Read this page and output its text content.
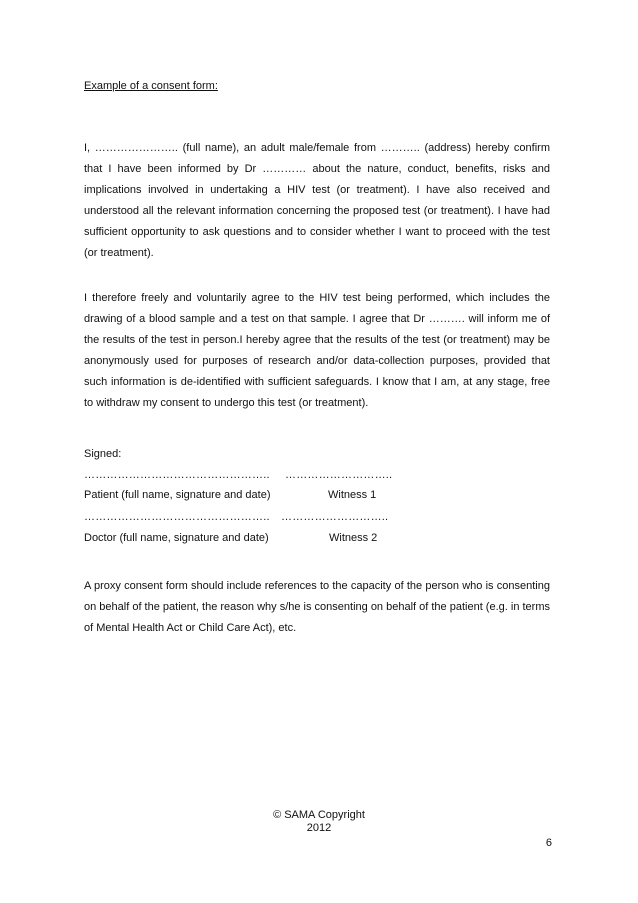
Example of a consent form:

I, ………………….. (full name), an adult male/female from ……….. (address) hereby confirm that I have been informed by Dr ………… about the nature, conduct, benefits, risks and implications involved in undertaking a HIV test (or treatment). I have also received and understood all the relevant information concerning the proposed test (or treatment). I have had sufficient opportunity to ask questions and to consider whether I want to proceed with the test (or treatment).

I therefore freely and voluntarily agree to the HIV test being performed, which includes the drawing of a blood sample and a test on that sample. I agree that Dr ………. will inform me of the results of the test in person.I hereby agree that the results of the test (or treatment) may be anonymously used for purposes of research and/or data-collection purposes, provided that such information is de-identified with sufficient safeguards. I know that I am, at any stage, free to withdraw my consent to undergo this test (or treatment).

Signed:

………………………………………….. ………………………..

Patient (full name, signature and date)	Witness 1

………………………………………….. ………………………..

Doctor (full name, signature and date)	Witness 2

A proxy consent form should include references to the capacity of the person who is consenting on behalf of the patient, the reason why s/he is consenting on behalf of the patient (e.g. in terms of Mental Health Act or Child Care Act), etc.

© SAMA Copyright
2012

6
